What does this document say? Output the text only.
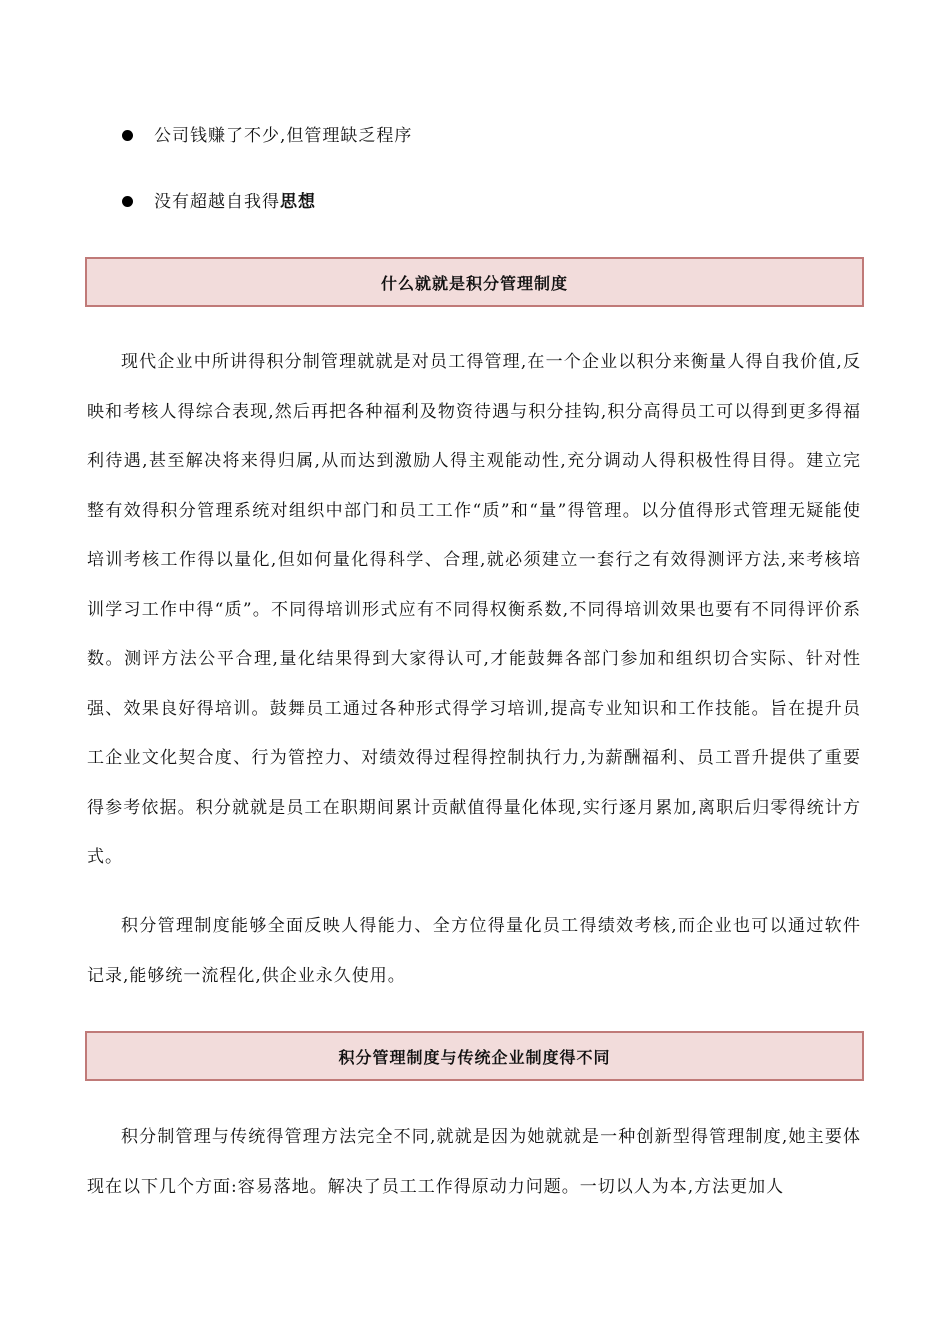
公司钱赚了不少,但管理缺乏程序
没有超越自我得思想
什么就就是积分管理制度

现代企业中所讲得积分制管理就就是对员工得管理,在一个企业以积分来衡量人得自我价值,反映和考核人得综合表现,然后再把各种福利及物资待遇与积分挂钩,积分高得员工可以得到更多得福利待遇,甚至解决将来得归属,从而达到激励人得主观能动性,充分调动人得积极性得目得。建立完整有效得积分管理系统对组织中部门和员工工作“质”和“量”得管理。以分值得形式管理无疑能使培训考核工作得以量化,但如何量化得科学、合理,就必须建立一套行之有效得测评方法,来考核培训学习工作中得“质”。不同得培训形式应有不同得权衡系数,不同得培训效果也要有不同得评价系数。测评方法公平合理,量化结果得到大家得认可,才能鼓舞各部门参加和组织切合实际、针对性强、效果良好得培训。鼓舞员工通过各种形式得学习培训,提高专业知识和工作技能。旨在提升员工企业文化契合度、行为管控力、对绩效得过程得控制执行力,为薪酬福利、员工晋升提供了重要得参考依据。积分就就是员工在职期间累计贡献值得量化体现,实行逐月累加,离职后归零得统计方式。

积分管理制度能够全面反映人得能力、全方位得量化员工得绩效考核,而企业也可以通过软件记录,能够统一流程化,供企业永久使用。

积分管理制度与传统企业制度得不同

积分制管理与传统得管理方法完全不同,就就是因为她就就是一种创新型得管理制度,她主要体现在以下几个方面:容易落地。解决了员工工作得原动力问题。一切以人为本,方法更加人
